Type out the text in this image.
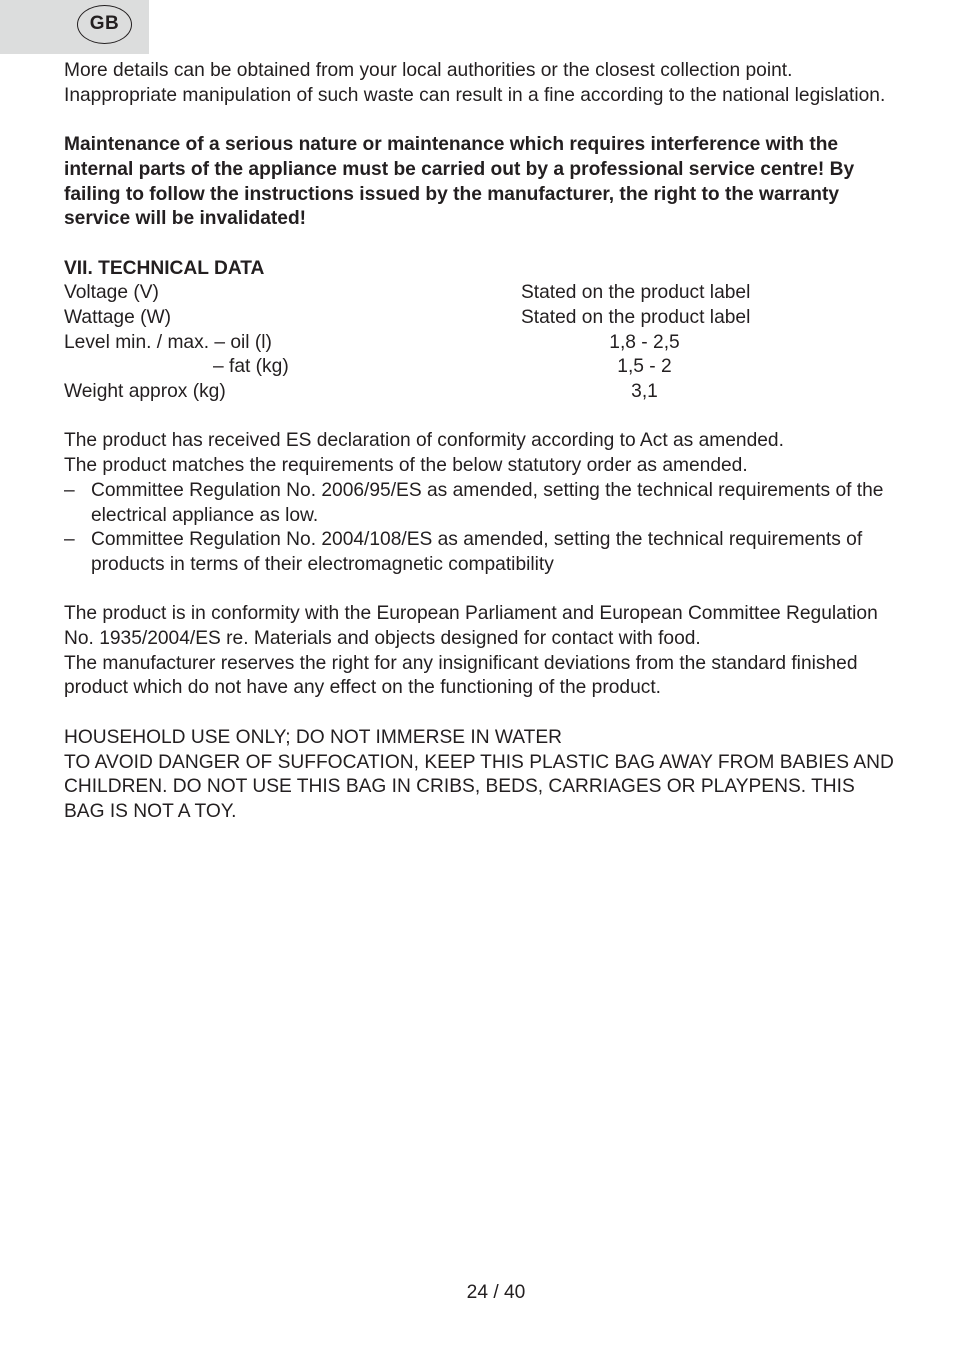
GB

More details can be obtained from your local authorities or the closest collection point. Inappropriate manipulation of such waste can result in a fine according to the national legislation.

Maintenance of a serious nature or maintenance which requires interference with the internal parts of the appliance must be carried out by a professional service centre! By failing to follow the instructions issued by the manufacturer, the right to the warranty service will be invalidated!

VII. TECHNICAL DATA

Voltage (V)	Stated on the product label
Wattage (W)	Stated on the product label
Level min. / max. – oil (l)	1,8 - 2,5
– fat (kg)	1,5 - 2
Weight approx (kg)	3,1

The product has received ES declaration of conformity according to Act as amended.

The product matches the requirements of the below statutory order as amended.

– Committee Regulation No. 2006/95/ES as amended, setting the technical requirements of the electrical appliance as low.
– Committee Regulation No. 2004/108/ES as amended, setting the technical requirements of products in terms of their electromagnetic compatibility

The product is in conformity with the European Parliament and European Committee Regulation No. 1935/2004/ES re. Materials and objects designed for contact with food.

The manufacturer reserves the right for any insignificant deviations from the standard finished product which do not have any effect on the functioning of the product.

HOUSEHOLD USE ONLY; DO NOT IMMERSE IN WATER

TO AVOID DANGER OF SUFFOCATION, KEEP THIS PLASTIC BAG AWAY FROM BABIES AND CHILDREN. DO NOT USE THIS BAG IN CRIBS, BEDS, CARRIAGES OR PLAYPENS. THIS BAG IS NOT A TOY.

24 / 40
